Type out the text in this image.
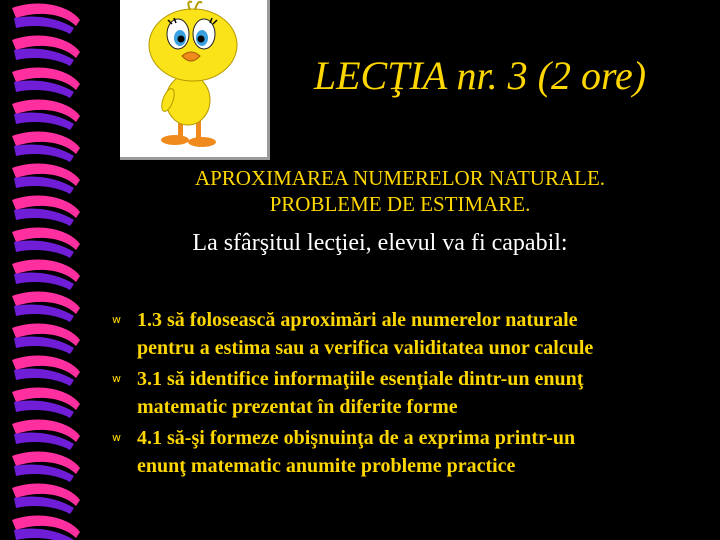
LECŢIA nr. 3 (2 ore)
APROXIMAREA NUMERELOR NATURALE.
PROBLEME DE ESTIMARE.
La sfârşitul lecţiei, elevul va fi capabil:
w 1.3 să folosească aproximări ale numerelor naturale
pentru a estima sau a verifica validitatea unor calcule
w 3.1 să identifice informaţiile esenţiale dintr-un enunţ
matematic prezentat în diferite forme
w 4.1 să-şi formeze obişnuinţa de a exprima printr-un
enunţ matematic anumite probleme practice
